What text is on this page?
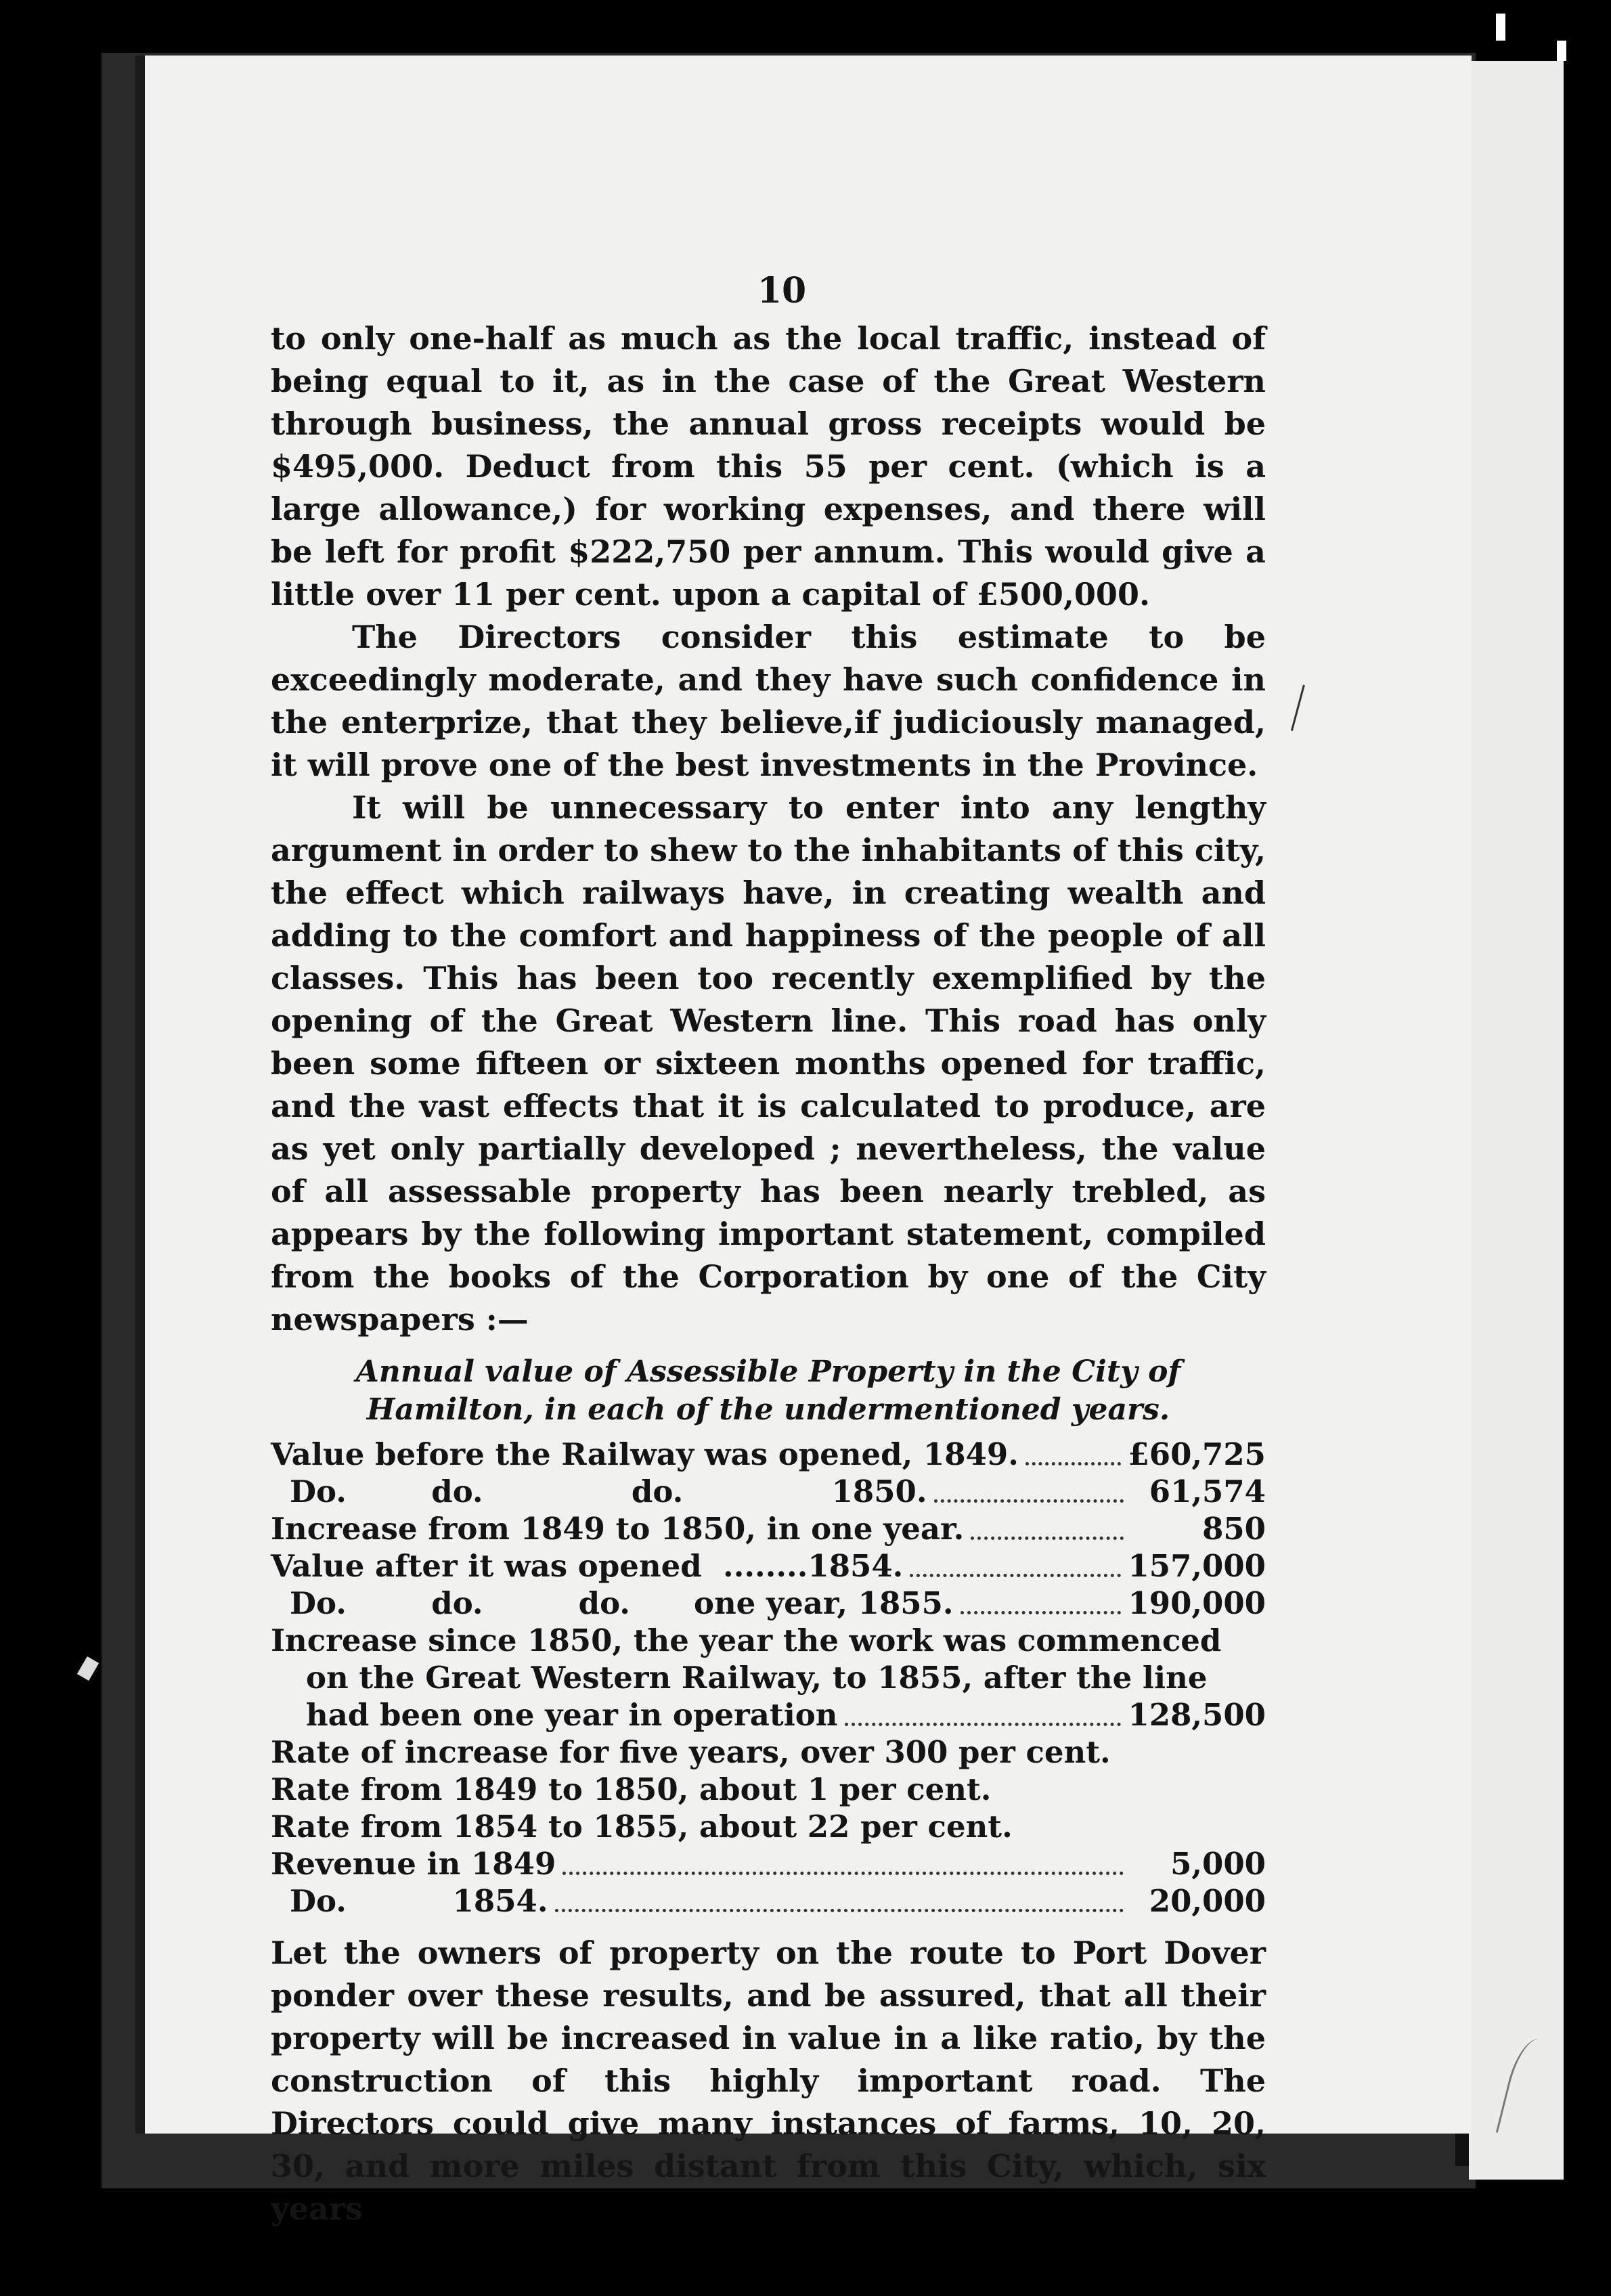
10

to only one-half as much as the local traffic, instead of being equal to it, as in the case of the Great Western through business, the annual gross receipts would be $495,000. Deduct from this 55 per cent. (which is a large allowance,) for working expenses, and there will be left for profit $222,750 per annum. This would give a little over 11 per cent. upon a capital of £500,000.

The Directors consider this estimate to be exceedingly moderate, and they have such confidence in the enterprize, that they believe,if judiciously managed, it will prove one of the best investments in the Province.

It will be unnecessary to enter into any lengthy argument in order to shew to the inhabitants of this city, the effect which railways have, in creating wealth and adding to the comfort and happiness of the people of all classes. This has been too recently exemplified by the opening of the Great Western line. This road has only been some fifteen or sixteen months opened for traffic, and the vast effects that it is calculated to produce, are as yet only partially developed ; nevertheless, the value of all assessable property has been nearly trebled, as appears by the following important statement, compiled from the books of the Corporation by one of the City newspapers :—

Annual value of Assessible Property in the City of Hamilton, in each of the undermentioned years.
Value before the Railway was opened, 1849.	£60,725
Do.        do.              do.              1850.	61,574
Increase from 1849 to 1850, in one year.	850
Value after it was opened  ........1854.	157,000
Do.        do.         do.      one year, 1855.	190,000
Increase since 1850, the year the work was commenced
on the Great Western Railway, to 1855, after the line
had been one year in operation	128,500
Rate of increase for five years, over 300 per cent.
Rate from 1849 to 1850, about 1 per cent.
Rate from 1854 to 1855, about 22 per cent.
Revenue in 1849	5,000
Do.          1854.	20,000

Let the owners of property on the route to Port Dover ponder over these results, and be assured, that all their property will be increased in value in a like ratio, by the construction of this highly important road. The Directors could give many instances of farms, 10, 20, 30, and more miles distant from this City, which, six years
